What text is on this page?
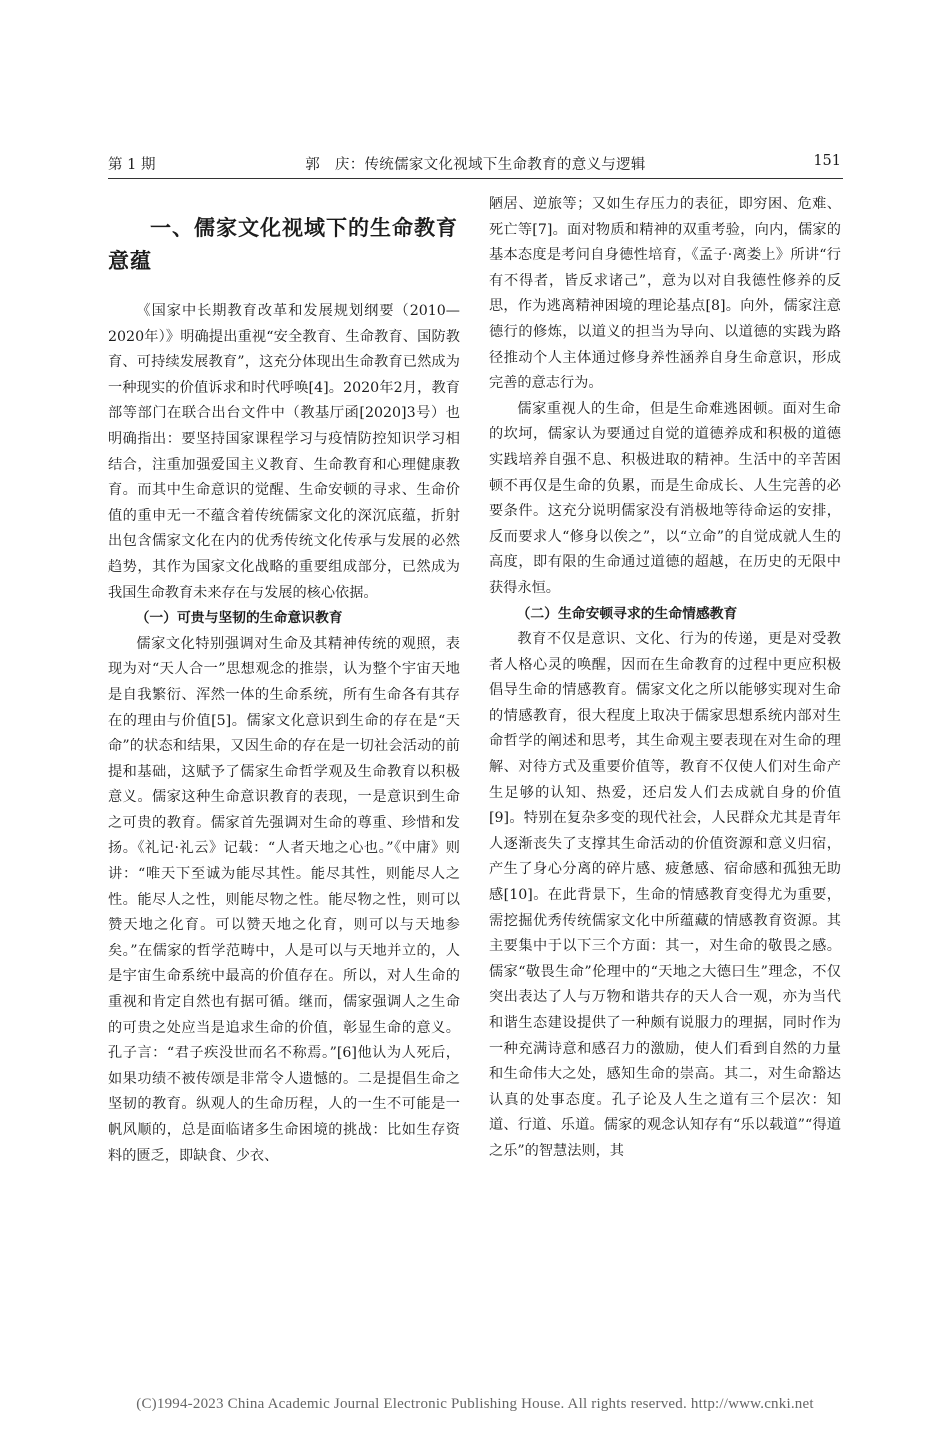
第 1 期	郭　庆：传统儒家文化视域下生命教育的意义与逻辑	151
一、儒家文化视域下的生命教育意蕴

《国家中长期教育改革和发展规划纲要（2010—2020年）》明确提出重视“安全教育、生命教育、国防教育、可持续发展教育”，这充分体现出生命教育已然成为一种现实的价值诉求和时代呼唤[4]。2020年2月，教育部等部门在联合出台文件中（教基厅函[2020]3号）也明确指出：要坚持国家课程学习与疫情防控知识学习相结合，注重加强爱国主义教育、生命教育和心理健康教育。而其中生命意识的觉醒、生命安顿的寻求、生命价值的重申无一不蕴含着传统儒家文化的深沉底蕴，折射出包含儒家文化在内的优秀传统文化传承与发展的必然趋势，其作为国家文化战略的重要组成部分，已然成为我国生命教育未来存在与发展的核心依据。

（一）可贵与坚韧的生命意识教育

儒家文化特别强调对生命及其精神传统的观照，表现为对“天人合一”思想观念的推崇，认为整个宇宙天地是自我繁衍、浑然一体的生命系统，所有生命各有其存在的理由与价值[5]。儒家文化意识到生命的存在是“天命”的状态和结果，又因生命的存在是一切社会活动的前提和基础，这赋予了儒家生命哲学观及生命教育以积极意义。儒家这种生命意识教育的表现，一是意识到生命之可贵的教育。儒家首先强调对生命的尊重、珍惜和发扬。《礼记·礼云》记载：“人者天地之心也。”《中庸》则讲：“唯天下至诚为能尽其性。能尽其性，则能尽人之性。能尽人之性，则能尽物之性。能尽物之性，则可以赞天地之化育。可以赞天地之化育，则可以与天地参矣。”在儒家的哲学范畴中，人是可以与天地并立的，人是宇宙生命系统中最高的价值存在。所以，对人生命的重视和肯定自然也有据可循。继而，儒家强调人之生命的可贵之处应当是追求生命的价值，彰显生命的意义。孔子言：“君子疾没世而名不称焉。”[6]他认为人死后，如果功绩不被传颂是非常令人遗憾的。二是提倡生命之坚韧的教育。纵观人的生命历程，人的一生不可能是一帆风顺的，总是面临诸多生命困境的挑战：比如生存资料的匮乏，即缺食、少衣、

陋居、逆旅等；又如生存压力的表征，即穷困、危难、死亡等[7]。面对物质和精神的双重考验，向内，儒家的基本态度是考问自身德性培育，《孟子·离娄上》所讲“行有不得者，皆反求诸己”，意为以对自我德性修养的反思，作为逃离精神困境的理论基点[8]。向外，儒家注意德行的修炼，以道义的担当为导向、以道德的实践为路径推动个人主体通过修身养性涵养自身生命意识，形成完善的意志行为。

儒家重视人的生命，但是生命难逃困顿。面对生命的坎坷，儒家认为要通过自觉的道德养成和积极的道德实践培养自强不息、积极进取的精神。生活中的辛苦困顿不再仅是生命的负累，而是生命成长、人生完善的必要条件。这充分说明儒家没有消极地等待命运的安排，反而要求人“修身以俟之”，以“立命”的自觉成就人生的高度，即有限的生命通过道德的超越，在历史的无限中获得永恒。

（二）生命安顿寻求的生命情感教育

教育不仅是意识、文化、行为的传递，更是对受教者人格心灵的唤醒，因而在生命教育的过程中更应积极倡导生命的情感教育。儒家文化之所以能够实现对生命的情感教育，很大程度上取决于儒家思想系统内部对生命哲学的阐述和思考，其生命观主要表现在对生命的理解、对待方式及重要价值等，教育不仅使人们对生命产生足够的认知、热爱，还启发人们去成就自身的价值[9]。特别在复杂多变的现代社会，人民群众尤其是青年人逐渐丧失了支撑其生命活动的价值资源和意义归宿，产生了身心分离的碎片感、疲惫感、宿命感和孤独无助感[10]。在此背景下，生命的情感教育变得尤为重要，需挖掘优秀传统儒家文化中所蕴藏的情感教育资源。其主要集中于以下三个方面：其一，对生命的敬畏之感。儒家“敬畏生命”伦理中的“天地之大德曰生”理念，不仅突出表达了人与万物和谐共存的天人合一观，亦为当代和谐生态建设提供了一种颇有说服力的理据，同时作为一种充满诗意和感召力的激励，使人们看到自然的力量和生命伟大之处，感知生命的崇高。其二，对生命豁达认真的处事态度。孔子论及人生之道有三个层次：知道、行道、乐道。儒家的观念认知存有“乐以载道”“得道之乐”的智慧法则，其

(C)1994-2023 China Academic Journal Electronic Publishing House. All rights reserved. http://www.cnki.net
